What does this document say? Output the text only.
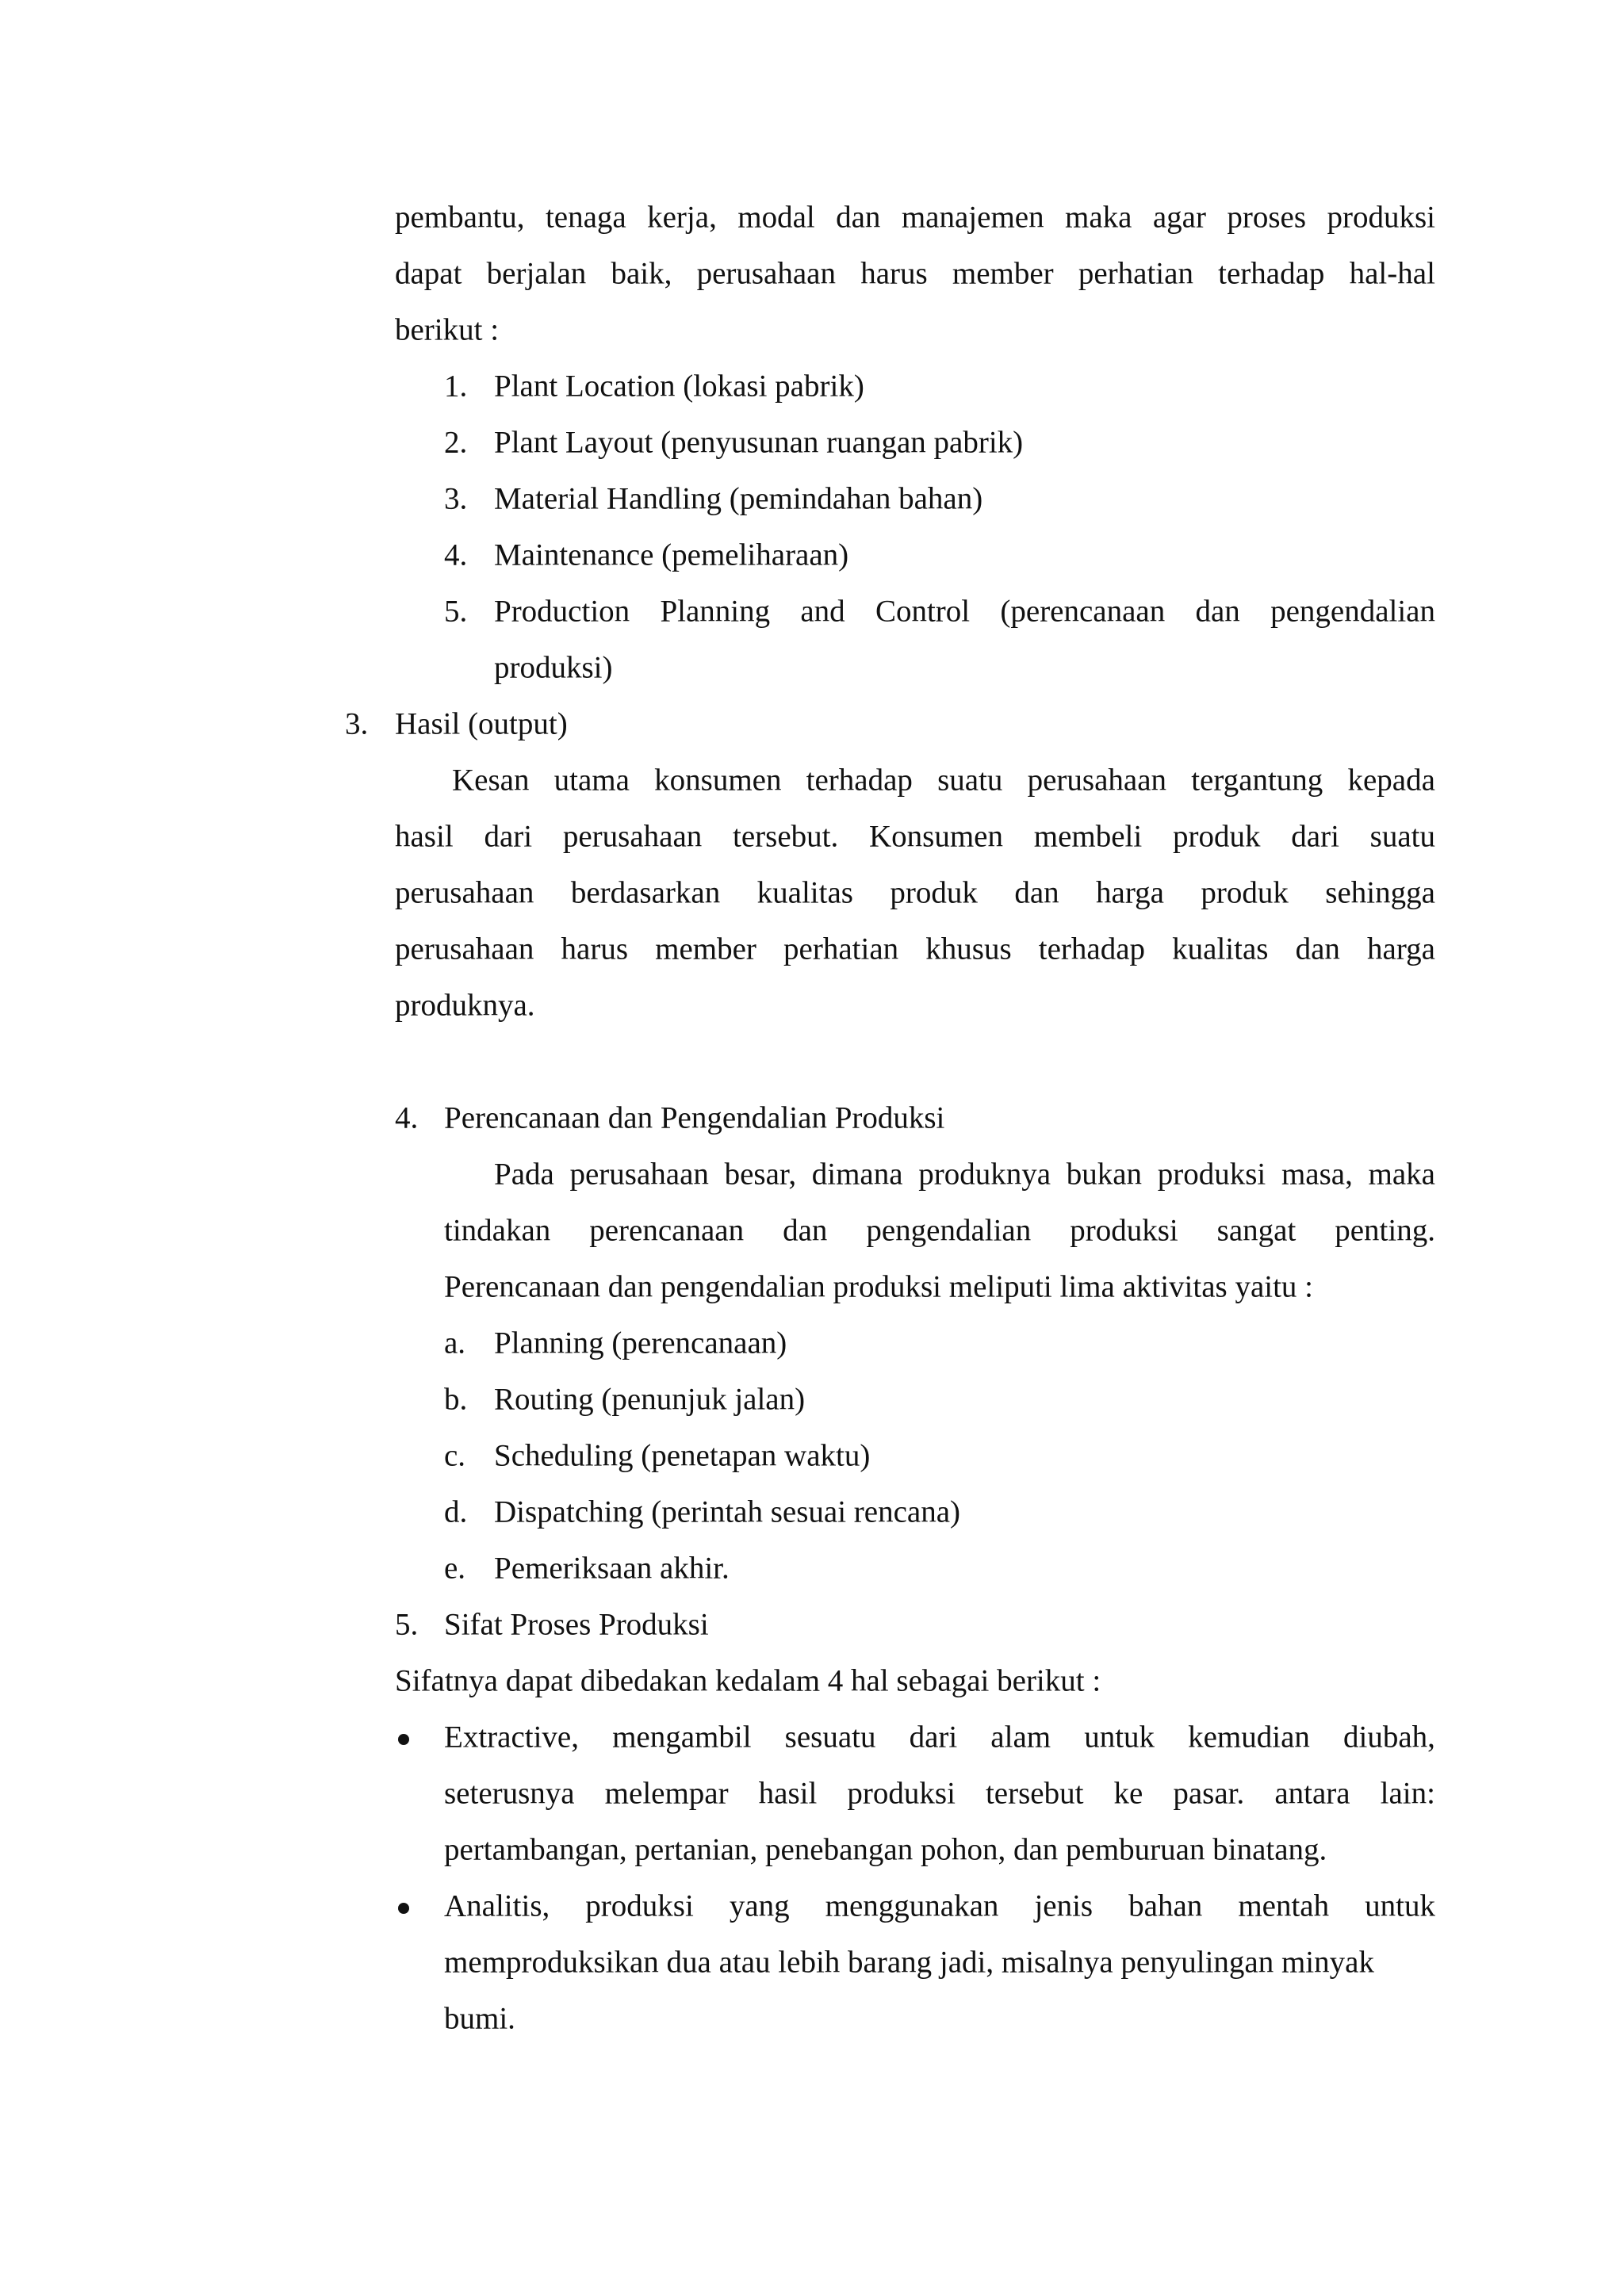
pembantu, tenaga kerja, modal dan manajemen maka agar proses produksi
dapat berjalan baik, perusahaan harus member perhatian terhadap hal-hal

berikut :

1. Plant Location (lokasi pabrik)

2. Plant Layout (penyusunan ruangan pabrik)

3. Material Handling (pemindahan bahan)

4. Maintenance (pemeliharaan)

5. Production Planning and Control (perencanaan dan pengendalian

produksi)

3. Hasil (output)

Kesan utama konsumen terhadap suatu perusahaan tergantung kepada
hasil dari perusahaan tersebut. Konsumen membeli produk dari suatu
perusahaan berdasarkan kualitas produk dan harga produk sehingga
perusahaan harus member perhatian khusus terhadap kualitas dan harga

produknya.

4. Perencanaan dan Pengendalian Produksi

Pada perusahaan besar, dimana produknya bukan produksi masa, maka
tindakan perencanaan dan pengendalian produksi sangat penting.

Perencanaan dan pengendalian produksi meliputi lima aktivitas yaitu :

a. Planning (perencanaan)

b. Routing (penunjuk jalan)

c. Scheduling (penetapan waktu)

d. Dispatching (perintah sesuai rencana)

e. Pemeriksaan akhir.

5. Sifat Proses Produksi

Sifatnya dapat dibedakan kedalam 4 hal sebagai berikut :

Extractive, mengambil sesuatu dari alam untuk kemudian diubah,
seterusnya melempar hasil produksi tersebut ke pasar. antara lain:

pertambangan, pertanian, penebangan pohon, dan pemburuan binatang.

Analitis, produksi yang menggunakan jenis bahan mentah untuk

memproduksikan dua atau lebih barang jadi, misalnya penyulingan minyak

bumi.
